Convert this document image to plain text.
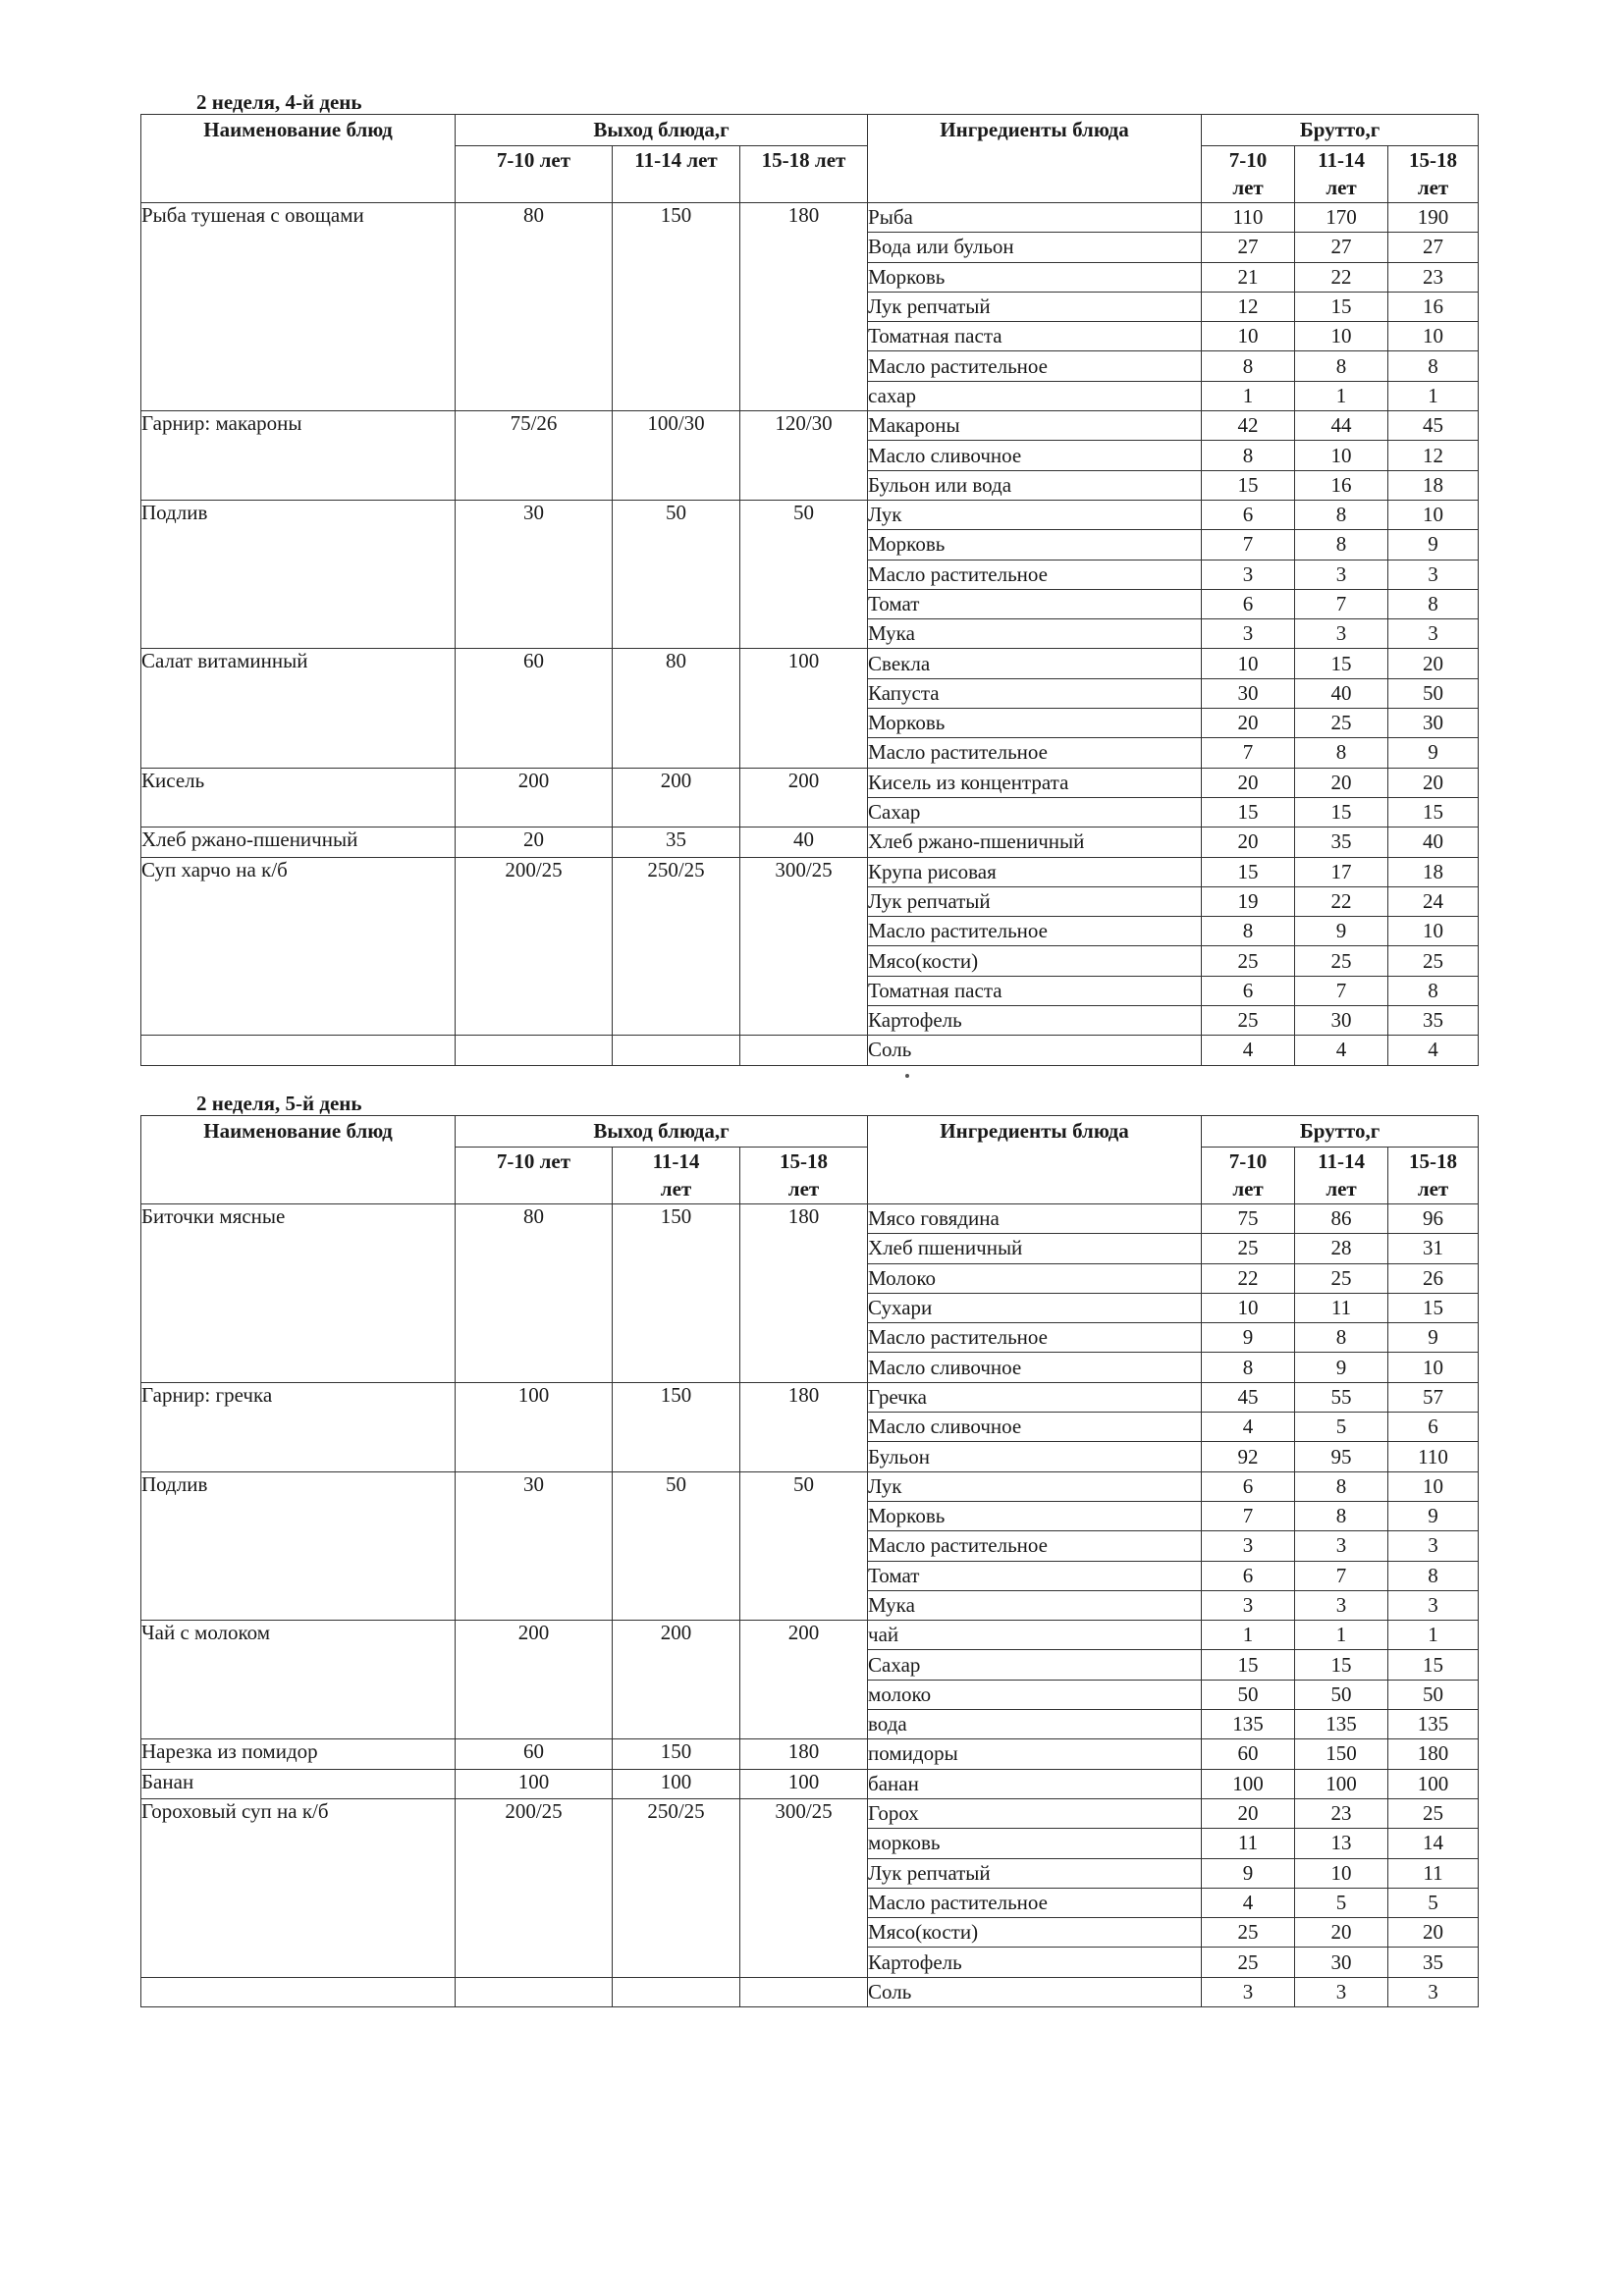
2 неделя, 4-й день
Наименование блюд	Выход блюда,г			Ингредиенты блюда	Брутто,г		
	7-10 лет	11-14 лет	15-18 лет		7-10
лет	11-14
лет	15-18
лет
Рыба тушеная с овощами	80	150	180	Рыба	110	170	190
				Вода или бульон	27	27	27
				Морковь	21	22	23
				Лук репчатый	12	15	16
				Томатная паста	10	10	10
				Масло растительное	8	8	8
				сахар	1	1	1
Гарнир: макароны	75/26	100/30	120/30	Макароны	42	44	45
				Масло сливочное	8	10	12
				Бульон или вода	15	16	18
Подлив	30	50	50	Лук	6	8	10
				Морковь	7	8	9
				Масло растительное	3	3	3
				Томат	6	7	8
				Мука	3	3	3
Салат витаминный	60	80	100	Свекла	10	15	20
				Капуста	30	40	50
				Морковь	20	25	30
				Масло растительное	7	8	9
Кисель	200	200	200	Кисель из концентрата	20	20	20
				Сахар	15	15	15
Хлеб ржано-пшеничный	20	35	40	Хлеб ржано-пшеничный	20	35	40
Суп харчо на к/б	200/25	250/25	300/25	Крупа рисовая	15	17	18
				Лук репчатый	19	22	24
				Масло растительное	8	9	10
				Мясо(кости)	25	25	25
				Томатная паста	6	7	8
				Картофель	25	30	35
				Соль	4	4	4
2 неделя, 5-й день
Наименование блюд	Выход блюда,г			Ингредиенты блюда	Брутто,г		
	7-10 лет	11-14
лет	15-18
лет		7-10
лет	11-14
лет	15-18
лет
Биточки мясные	80	150	180	Мясо говядина	75	86	96
				Хлеб пшеничный	25	28	31
				Молоко	22	25	26
				Сухари	10	11	15
				Масло растительное	9	8	9
				Масло сливочное	8	9	10
Гарнир: гречка	100	150	180	Гречка	45	55	57
				Масло сливочное	4	5	6
				Бульон	92	95	110
Подлив	30	50	50	Лук	6	8	10
				Морковь	7	8	9
				Масло растительное	3	3	3
				Томат	6	7	8
				Мука	3	3	3
Чай с молоком	200	200	200	чай	1	1	1
				Сахар	15	15	15
				молоко	50	50	50
				вода	135	135	135
Нарезка из помидор	60	150	180	помидоры	60	150	180
Банан	100	100	100	банан	100	100	100
Гороховый суп на к/б	200/25	250/25	300/25	Горох	20	23	25
				морковь	11	13	14
				Лук репчатый	9	10	11
				Масло растительное	4	5	5
				Мясо(кости)	25	20	20
				Картофель	25	30	35
				Соль	3	3	3
